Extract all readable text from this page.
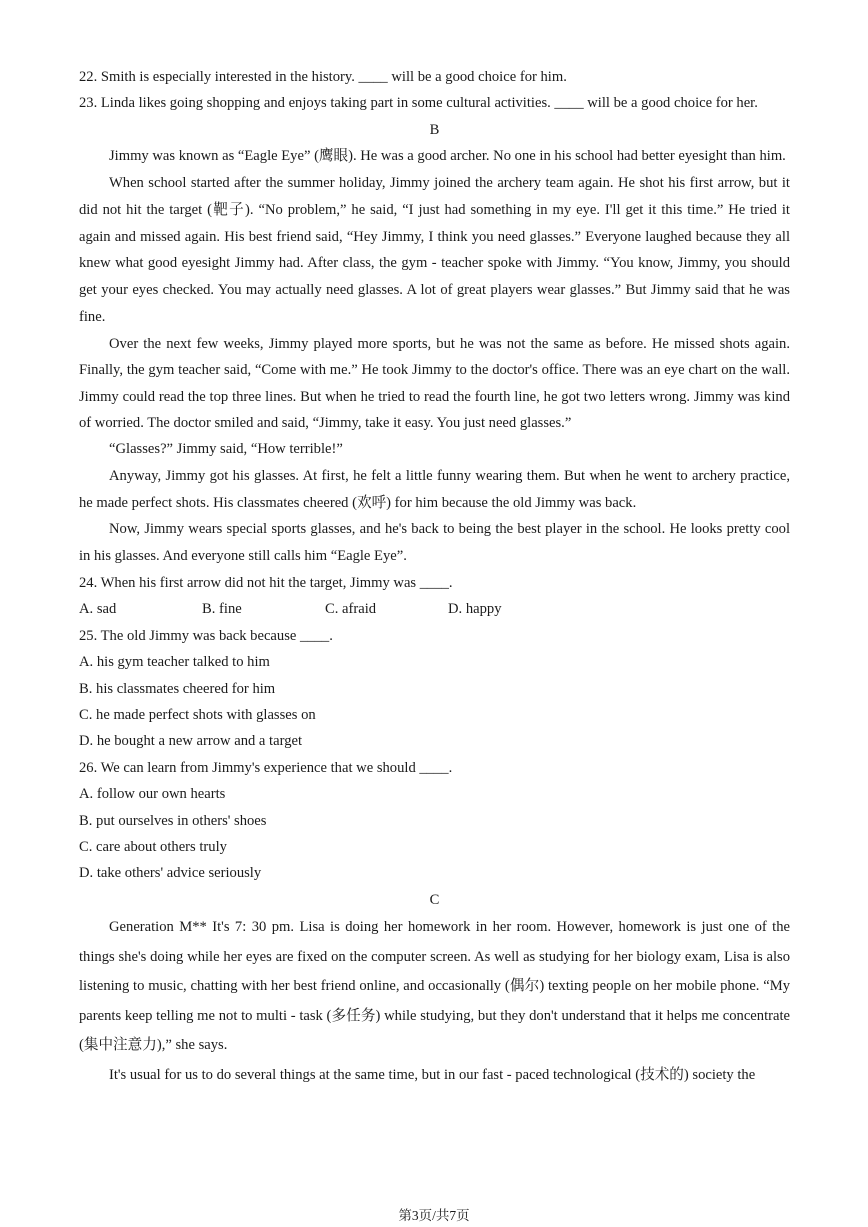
22. Smith is especially interested in the history. ____ will be a good choice for him.

23. Linda likes going shopping and enjoys taking part in some cultural activities. ____ will be a good choice for her.

B

Jimmy was known as “Eagle Eye” (鹰眼). He was a good archer. No one in his school had better eyesight than him.

When school started after the summer holiday, Jimmy joined the archery team again. He shot his first arrow, but it did not hit the target (靶子). “No problem,” he said, “I just had something in my eye. I'll get it this time.” He tried it again and missed again. His best friend said, “Hey Jimmy, I think you need glasses.” Everyone laughed because they all knew what good eyesight Jimmy had. After class, the gym - teacher spoke with Jimmy. “You know, Jimmy, you should get your eyes checked. You may actually need glasses. A lot of great players wear glasses.” But Jimmy said that he was fine.

Over the next few weeks, Jimmy played more sports, but he was not the same as before. He missed shots again. Finally, the gym teacher said, “Come with me.” He took Jimmy to the doctor's office. There was an eye chart on the wall. Jimmy could read the top three lines. But when he tried to read the fourth line, he got two letters wrong. Jimmy was kind of worried. The doctor smiled and said, “Jimmy, take it easy. You just need glasses.”

“Glasses?” Jimmy said, “How terrible!”

Anyway, Jimmy got his glasses. At first, he felt a little funny wearing them. But when he went to archery practice, he made perfect shots. His classmates cheered (欢呼) for him because the old Jimmy was back.

Now, Jimmy wears special sports glasses, and he's back to being the best player in the school. He looks pretty cool in his glasses. And everyone still calls him “Eagle Eye”.

24. When his first arrow did not hit the target, Jimmy was ____.

A. sad	B. fine	C. afraid	D. happy

25. The old Jimmy was back because ____.

A. his gym teacher talked to him

B. his classmates cheered for him

C. he made perfect shots with glasses on

D. he bought a new arrow and a target

26. We can learn from Jimmy's experience that we should ____.

A. follow our own hearts

B. put ourselves in others' shoes

C. care about others truly

D. take others' advice seriously

C

Generation M** It's 7: 30 pm. Lisa is doing her homework in her room. However, homework is just one of the things she's doing while her eyes are fixed on the computer screen. As well as studying for her biology exam, Lisa is also listening to music, chatting with her best friend online, and occasionally (偶尔) texting people on her mobile phone. “My parents keep telling me not to multi - task (多任务) while studying, but they don't understand that it helps me concentrate (集中注意力),” she says.

It's usual for us to do several things at the same time, but in our fast - paced technological (技术的) society the

第3页/共7页
